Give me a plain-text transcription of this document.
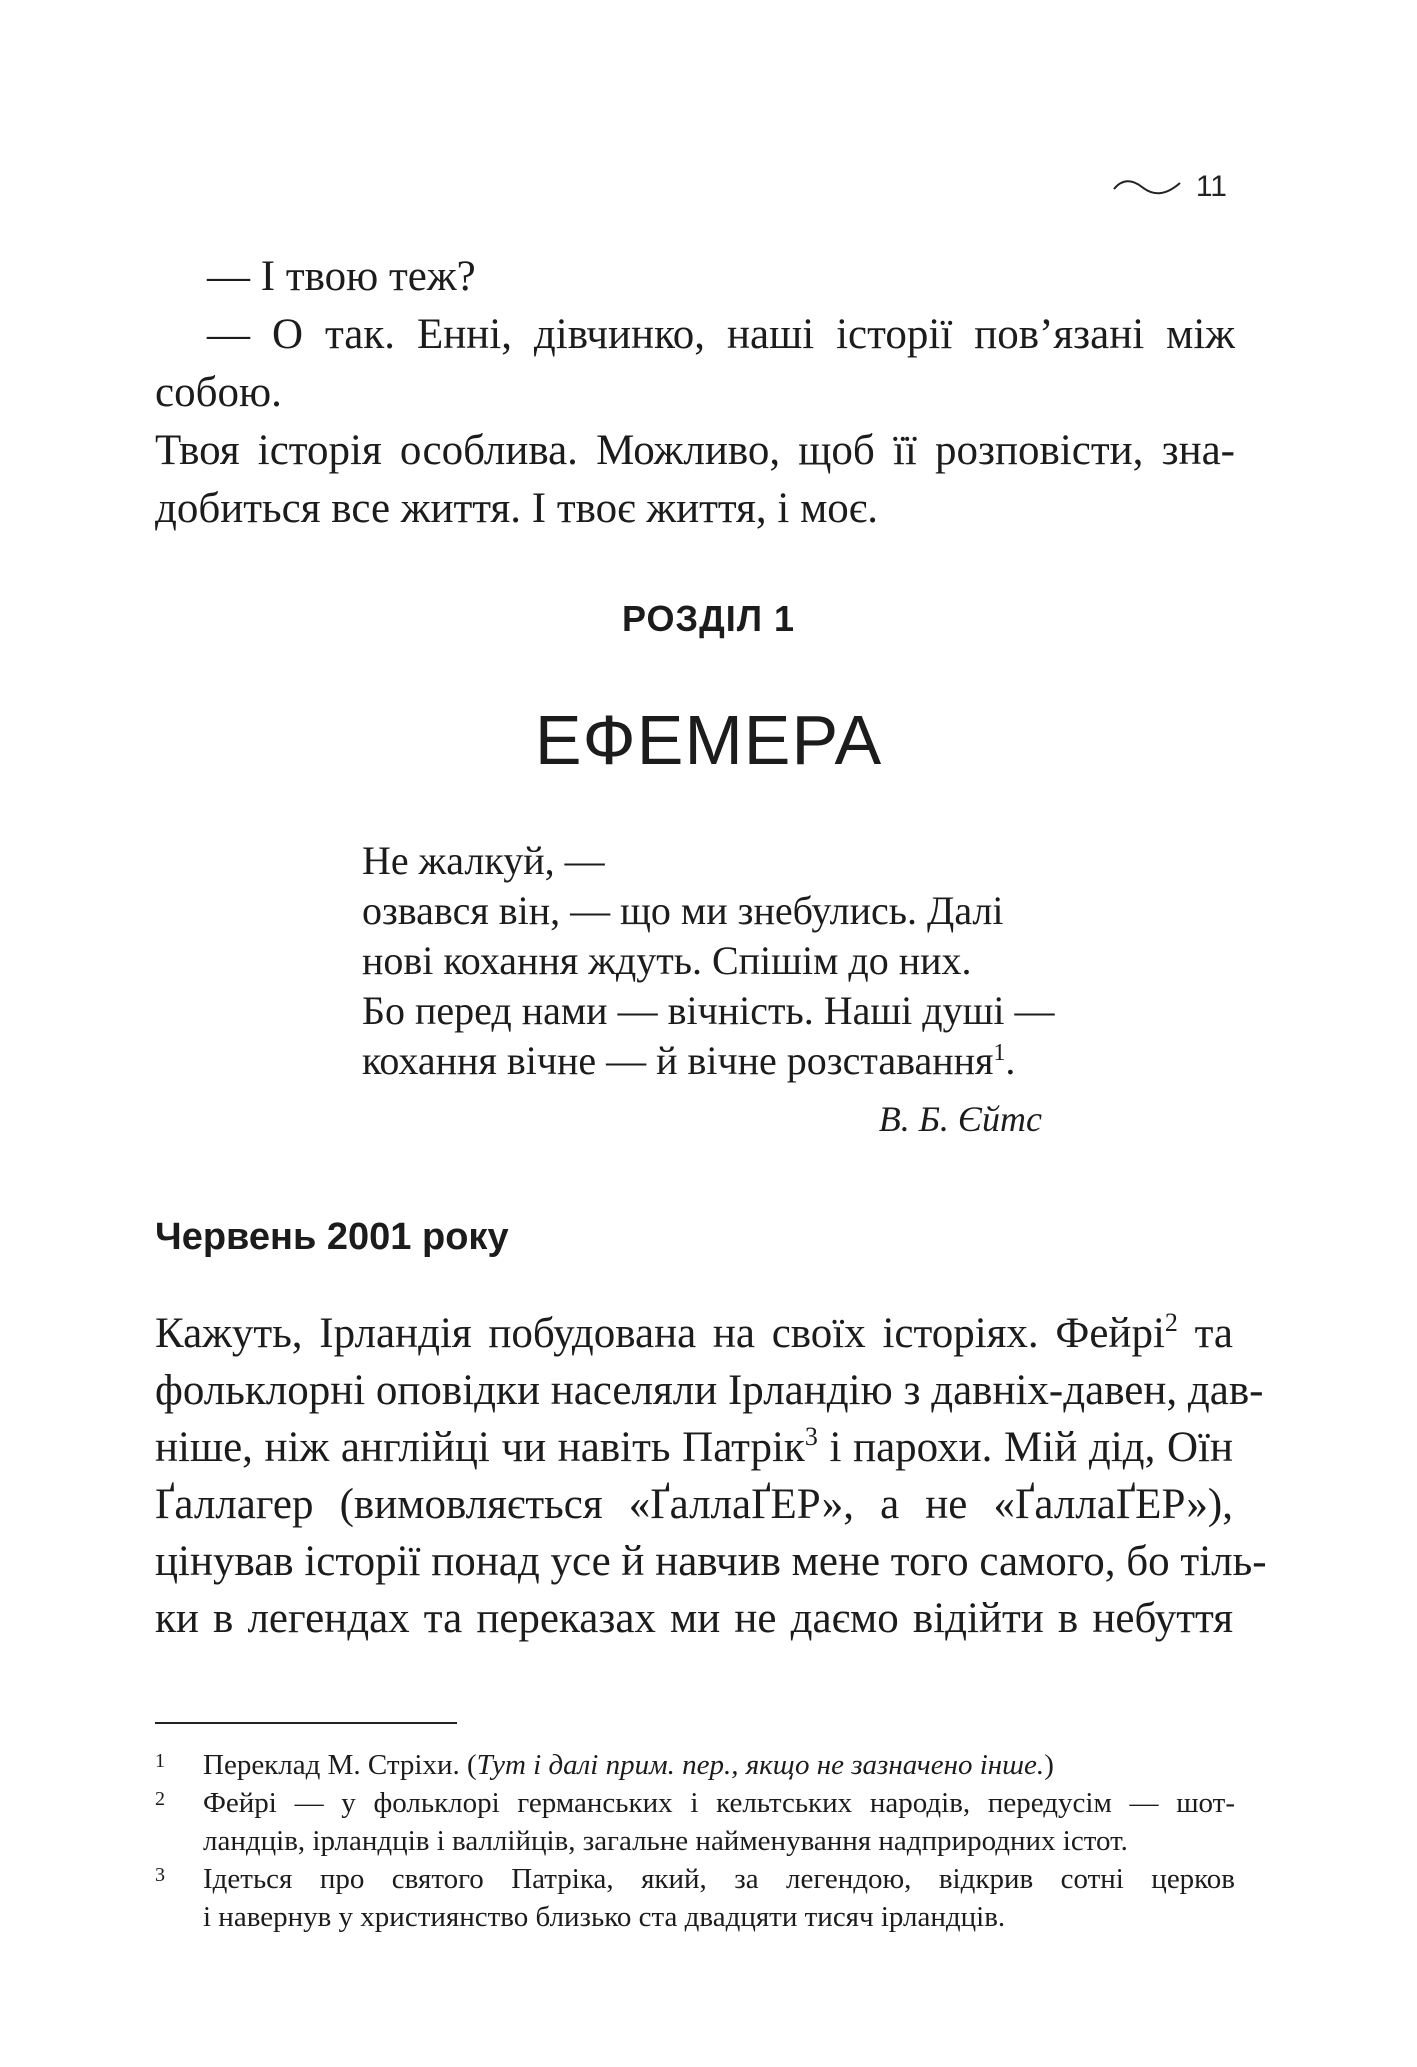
11

— І твою теж?

— О так. Енні, дівчинко, наші історії пов’язані між собою.

Твоя історія особлива. Можливо, щоб її розповісти, зна-

добиться все життя. І твоє життя, і моє.

РОЗДІЛ 1
ЕФЕМЕРА
Не жалкуй, —
озвався він, — що ми знебулись. Далі
нові кохання ждуть. Спішім до них.
Бо перед нами — вічність. Наші душі —
кохання вічне — й вічне розставання$^1$.
В. Б. Єйтс
Червень 2001 року
Кажуть, Ірландія побудована на своїх історіях. Фейрі$^2$ та
фольклорні оповідки населяли Ірландію з давніх-давен, дав-
ніше, ніж англійці чи навіть Патрік$^3$ і парохи. Мій дід, Оїн
Ґаллагер (вимовляється «ҐаллаҐЕР», а не «ҐаллаҐЕР»),
цінував історії понад усе й навчив мене того самого, бо тіль-
ки в легендах та переказах ми не даємо відійти в небуття
1 Переклад М. Стріхи. (Тут і далі прим. пер., якщо не зазначено інше.)
2 Фейрі — у фольклорі германських і кельтських народів, передусім — шот-
ландців, ірландців і валлійців, загальне найменування надприродних істот.
3 Ідеться про святого Патріка, який, за легендою, відкрив сотні церков
і навернув у християнство близько ста двадцяти тисяч ірландців.
